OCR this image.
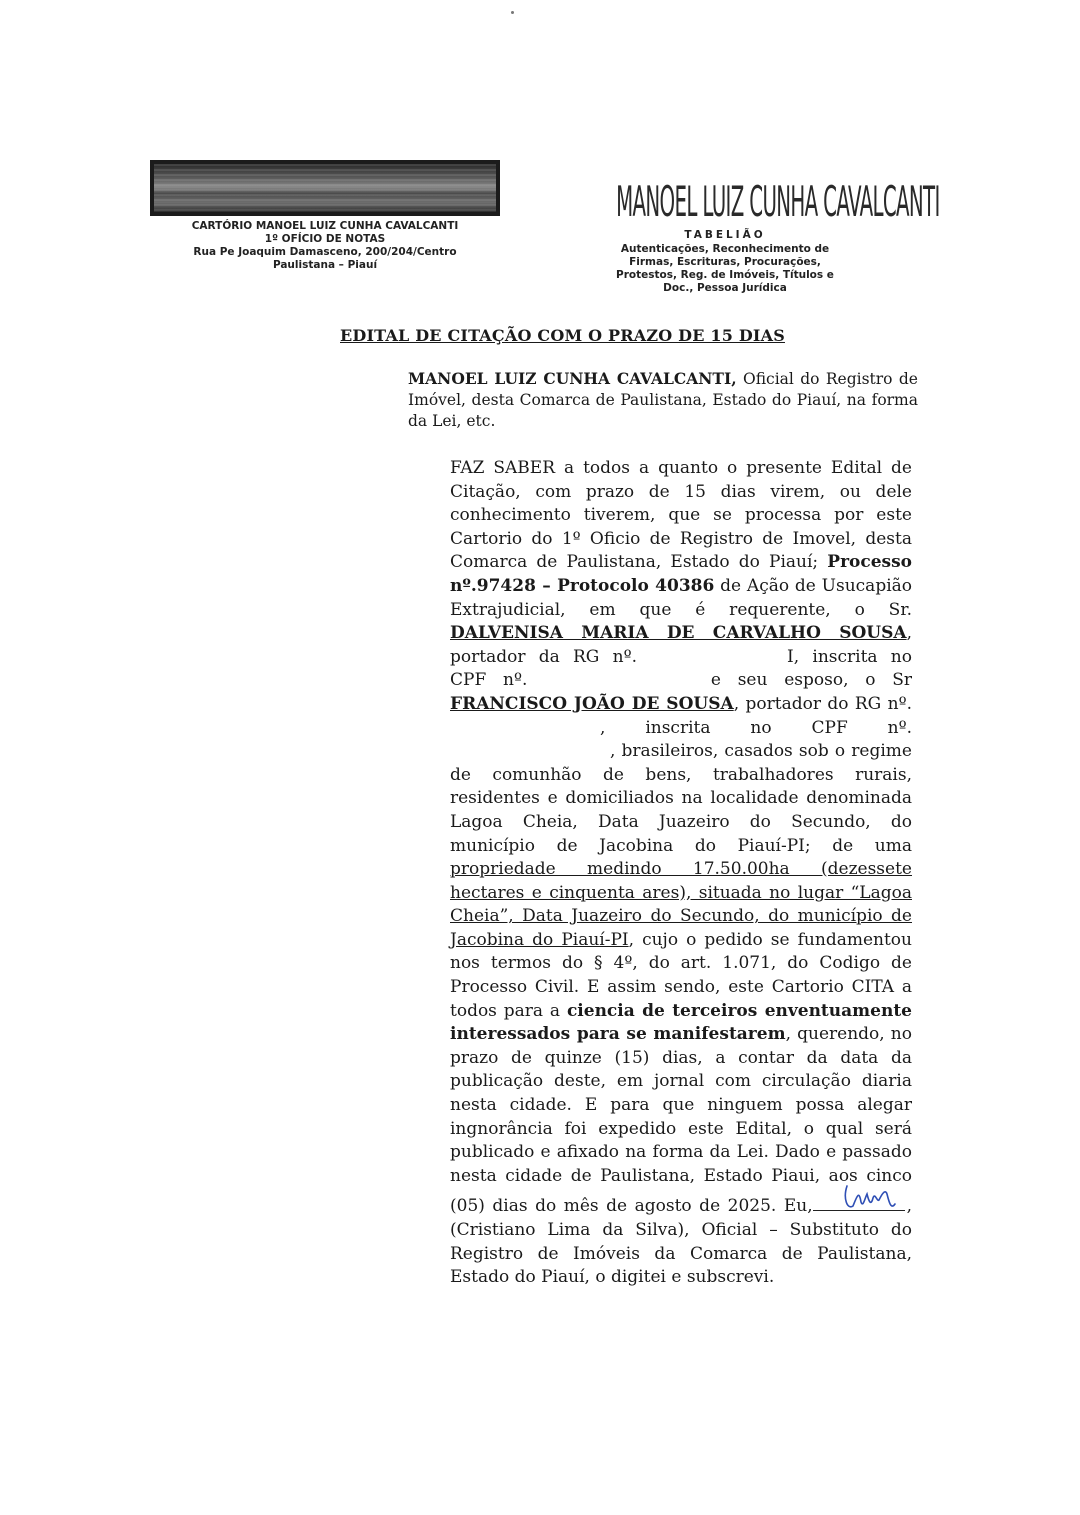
CARTÓRIO MANOEL LUIZ CUNHA CAVALCANTI
1º OFÍCIO DE NOTAS
Rua Pe Joaquim Damasceno, 200/204/Centro
Paulistana – Piauí
MANOEL LUIZ CUNHA CAVALCANTI
TABELIÃO
Autenticações, Reconhecimento de Firmas, Escrituras, Procurações, Protestos, Reg. de Imóveis, Títulos e Doc., Pessoa Jurídica
EDITAL DE CITAÇÃO COM O PRAZO DE 15 DIAS
MANOEL LUIZ CUNHA CAVALCANTI, Oficial do Registro de Imóvel, desta Comarca de Paulistana, Estado do Piauí, na forma da Lei, etc.
FAZ SABER a todos a quanto o presente Edital de Citação, com prazo de 15 dias virem, ou dele conhecimento tiverem, que se processa por este Cartorio do 1º Oficio de Registro de Imovel, desta Comarca de Paulistana, Estado do Piauí; Processo nº.97428 – Protocolo 40386 de Ação de Usucapião Extrajudicial, em que é requerente, o Sr. DALVENISA MARIA DE CARVALHO SOUSA, portador da RG nº.	I, inscrita no CPF nº.	e seu esposo, o Sr FRANCISCO JOÃO DE SOUSA, portador do RG nº., inscrita no CPF nº., brasileiros, casados sob o regime de comunhão de bens, trabalhadores rurais, residentes e domiciliados na localidade denominada Lagoa Cheia, Data Juazeiro do Secundo, do município de Jacobina do Piauí-PI; de uma propriedade medindo 17.50.00ha (dezessete hectares e cinquenta ares), situada no lugar “Lagoa Cheia”, Data Juazeiro do Secundo, do município de Jacobina do Piauí-PI, cujo o pedido se fundamentou nos termos do § 4º, do art. 1.071, do Codigo de Processo Civil. E assim sendo, este Cartorio CITA a todos para a ciencia de terceiros enventuamente interessados para se manifestarem, querendo, no prazo de quinze (15) dias, a contar da data da publicação deste, em jornal com circulação diaria nesta cidade. E para que ninguem possa alegar ingnorância foi expedido este Edital, o qual será publicado e afixado na forma da Lei. Dado e passado nesta cidade de Paulistana, Estado Piaui, aos cinco (05) dias do mês de agosto de 2025. Eu,	, (Cristiano Lima da Silva), Oficial – Substituto do Registro de Imóveis da Comarca de Paulistana, Estado do Piauí, o digitei e subscrevi.
